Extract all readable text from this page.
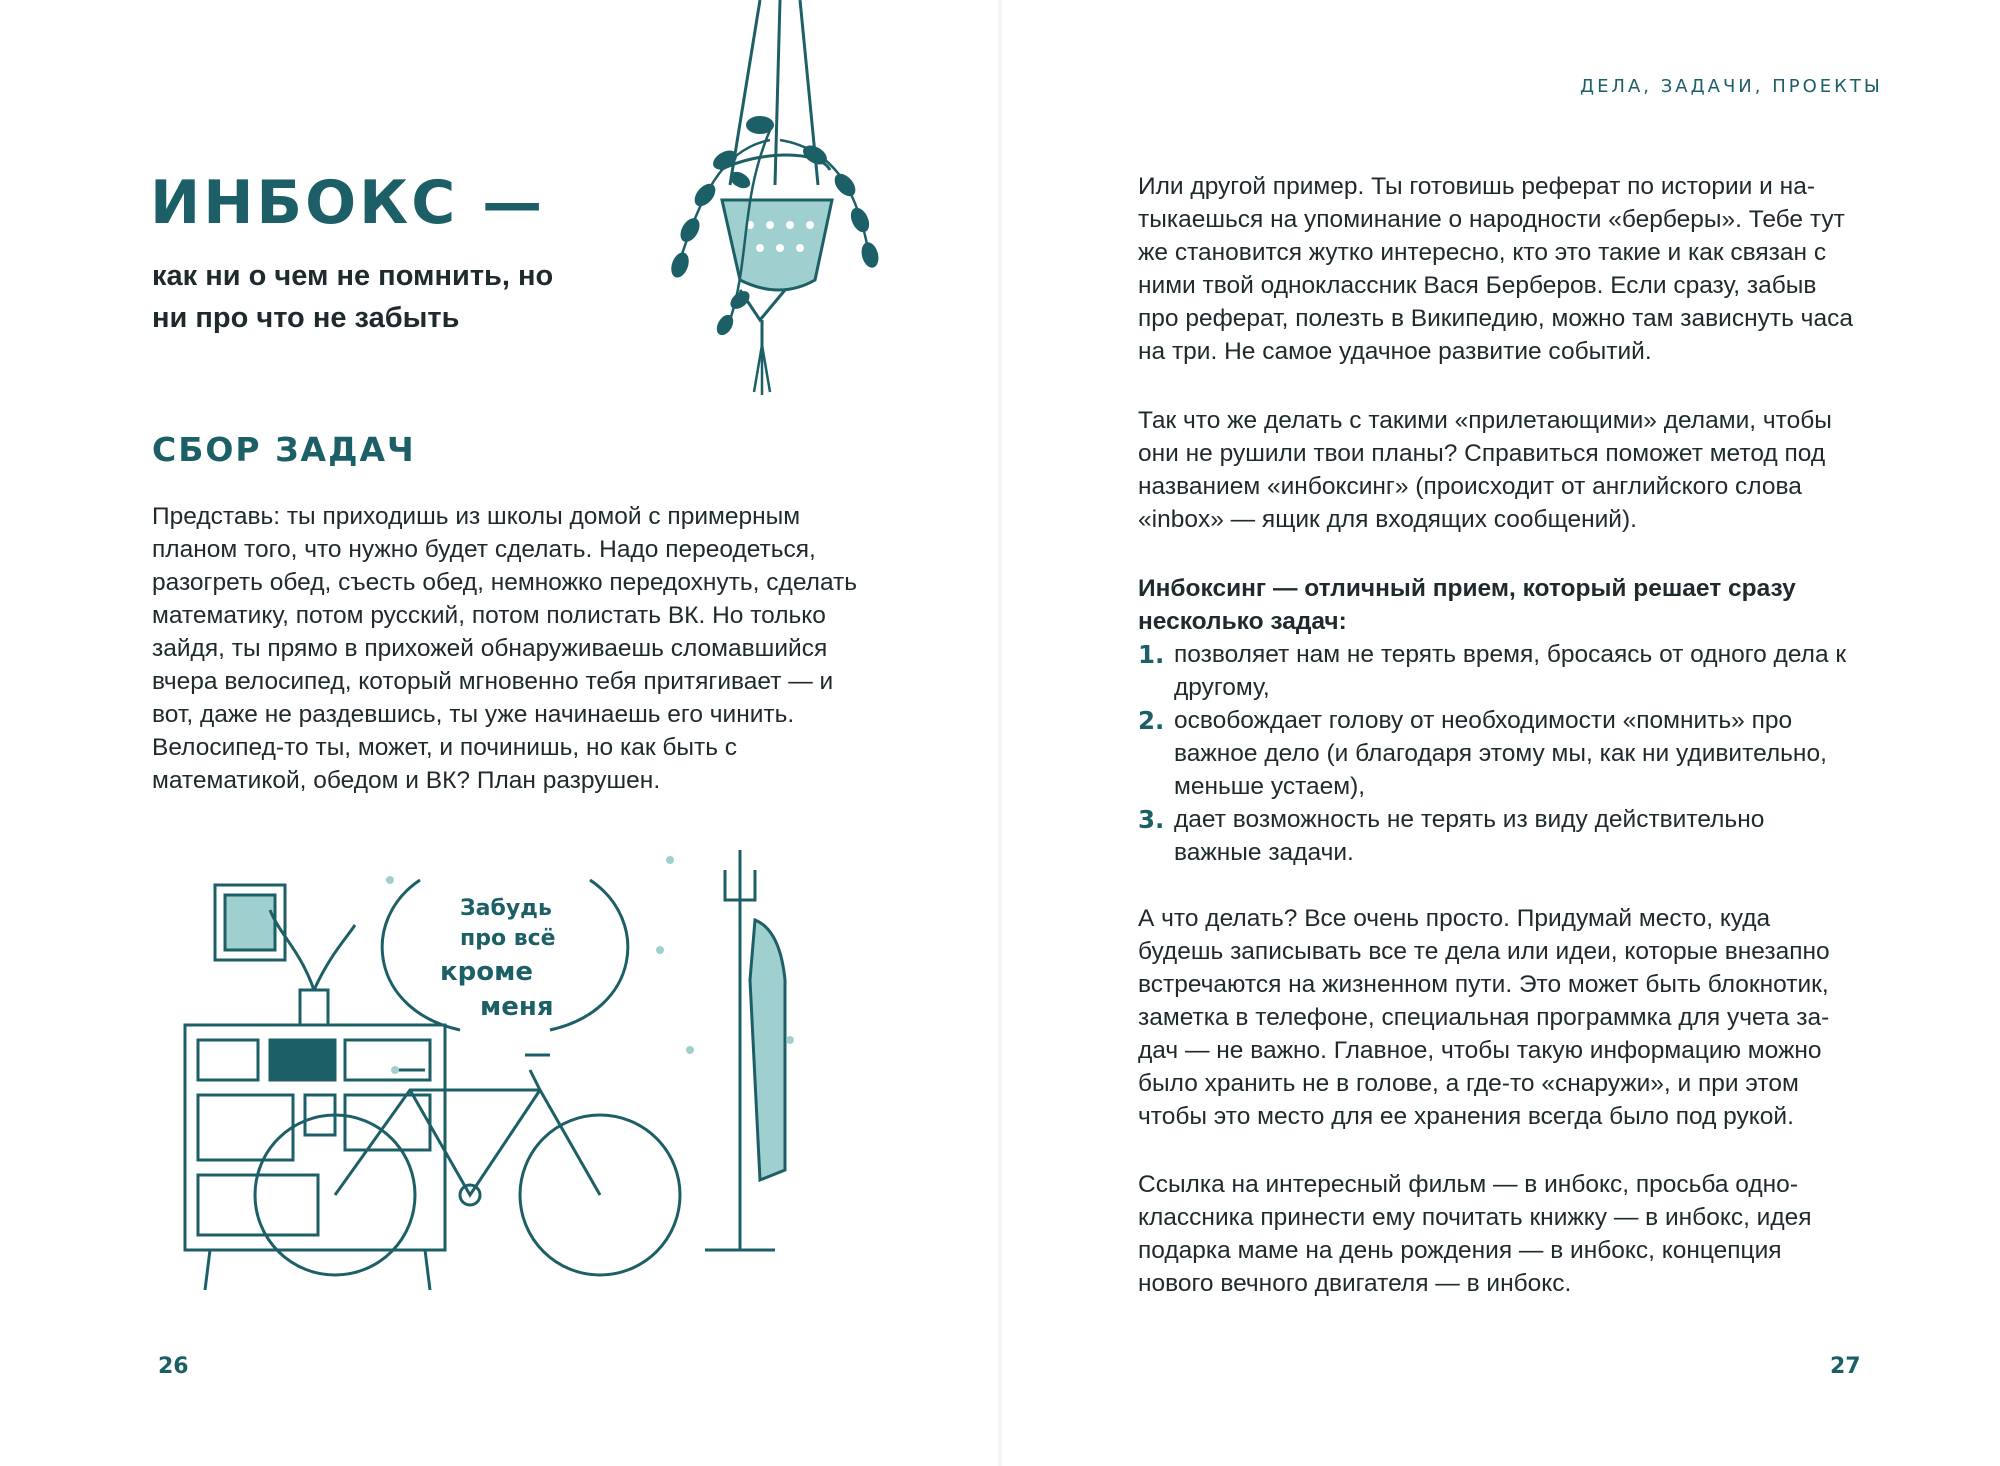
ИНБОКС —
как ни о чем не помнить, но ни про что не забыть
СБОР ЗАДАЧ
Представь: ты приходишь из школы домой с примерным планом того, что нужно будет сделать. Надо переодеться, разогреть обед, съесть обед, немножко передохнуть, сделать математику, потом русский, потом полистать ВК. Но только зайдя, ты прямо в прихожей обнаруживаешь сломавшийся вчера велосипед, который мгновенно тебя притягивает — и вот, даже не раздевшись, ты уже начинаешь его чинить. Велосипед-то ты, может, и починишь, но как быть с математикой, обедом и ВК? План разрушен.
Забудь
про всё
кроме
меня
26
ДЕЛА, ЗАДАЧИ, ПРОЕКТЫ
Или другой пример. Ты готовишь реферат по истории и натыкаешься на упоминание о народности «берберы». Тебе тут же становится жутко интересно, кто это такие и как связан с ними твой одноклассник Вася Берберов. Если сразу, забыв про реферат, полезть в Википедию, можно там зависнуть часа на три. Не самое удачное развитие событий.
Так что же делать с такими «прилетающими» делами, чтобы они не рушили твои планы? Справиться поможет метод под названием «инбоксинг» (происходит от английского слова «inbox» — ящик для входящих сообщений).
Инбоксинг — отличный прием, который решает сразу несколько задач:
1. позволяет нам не терять время, бросаясь от одного дела к другому,
2. освобождает голову от необходимости «помнить» про важное дело (и благодаря этому мы, как ни удивительно, меньше устаем),
3. дает возможность не терять из виду действительно важные задачи.
А что делать? Все очень просто. Придумай место, куда будешь записывать все те дела или идеи, которые внезапно встречаются на жизненном пути. Это может быть блокнотик, заметка в телефоне, специальная программка для учета задач — не важно. Главное, чтобы такую информацию можно было хранить не в голове, а где-то «снаружи», и при этом чтобы это место для ее хранения всегда было под рукой.
Ссылка на интересный фильм — в инбокс, просьба одноклассника принести ему почитать книжку — в инбокс, идея подарка маме на день рождения — в инбокс, концепция нового вечного двигателя — в инбокс.
27
